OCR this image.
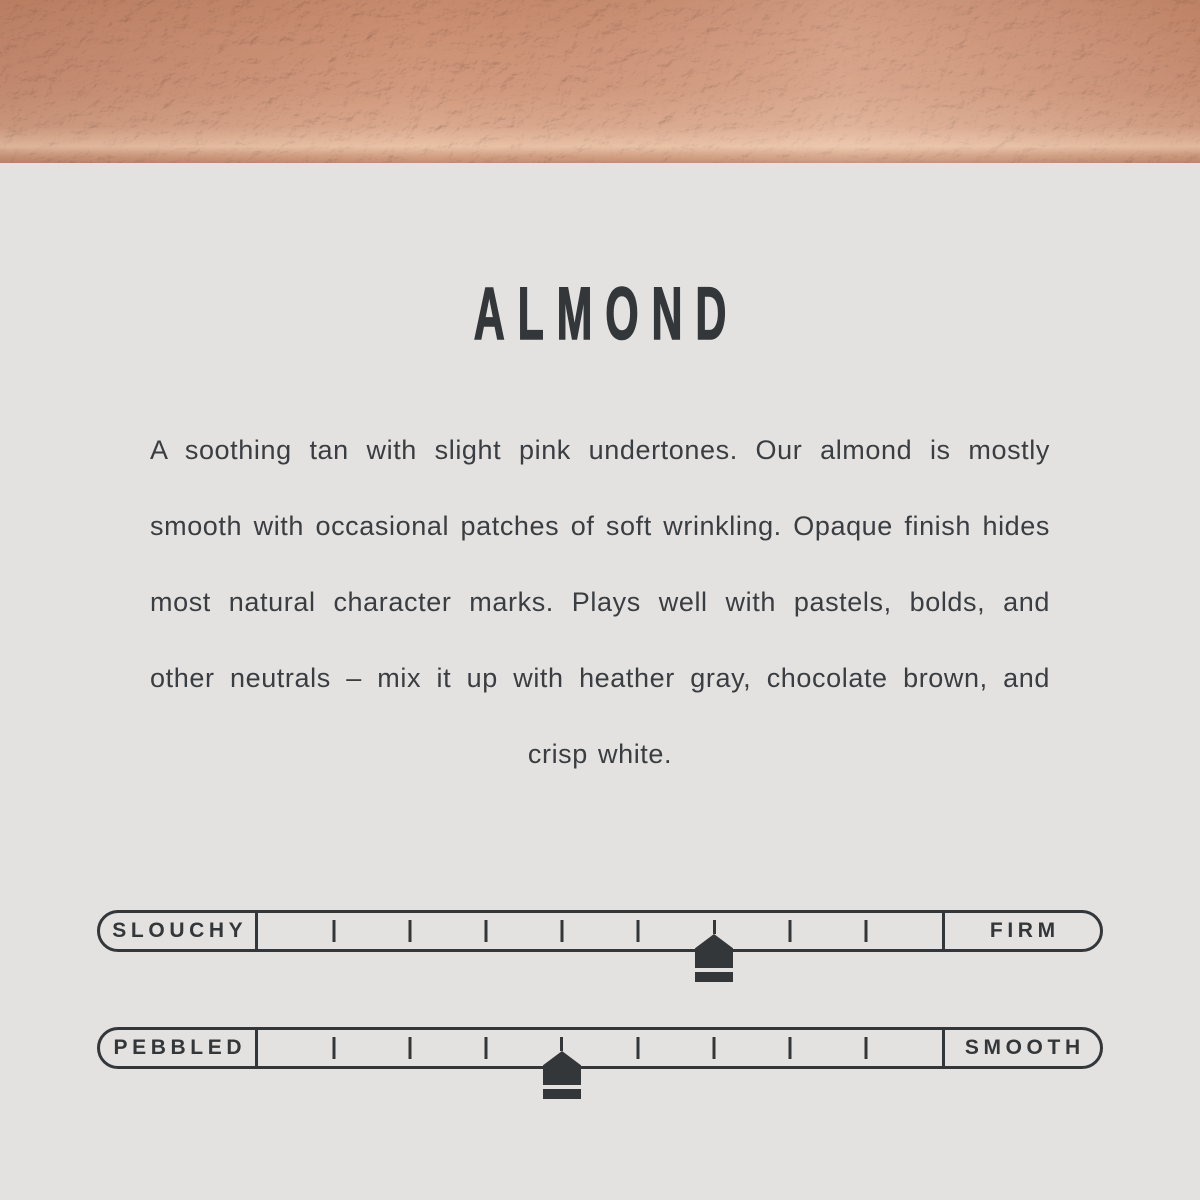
ALMOND

A soothing tan with slight pink undertones. Our almond is mostly smooth with occasional patches of soft wrinkling. Opaque finish hides most natural character marks. Plays well with pastels, bolds, and other neutrals – mix it up with heather gray, chocolate brown, and crisp white.

SLOUCHY	FIRM
PEBBLED	SMOOTH
